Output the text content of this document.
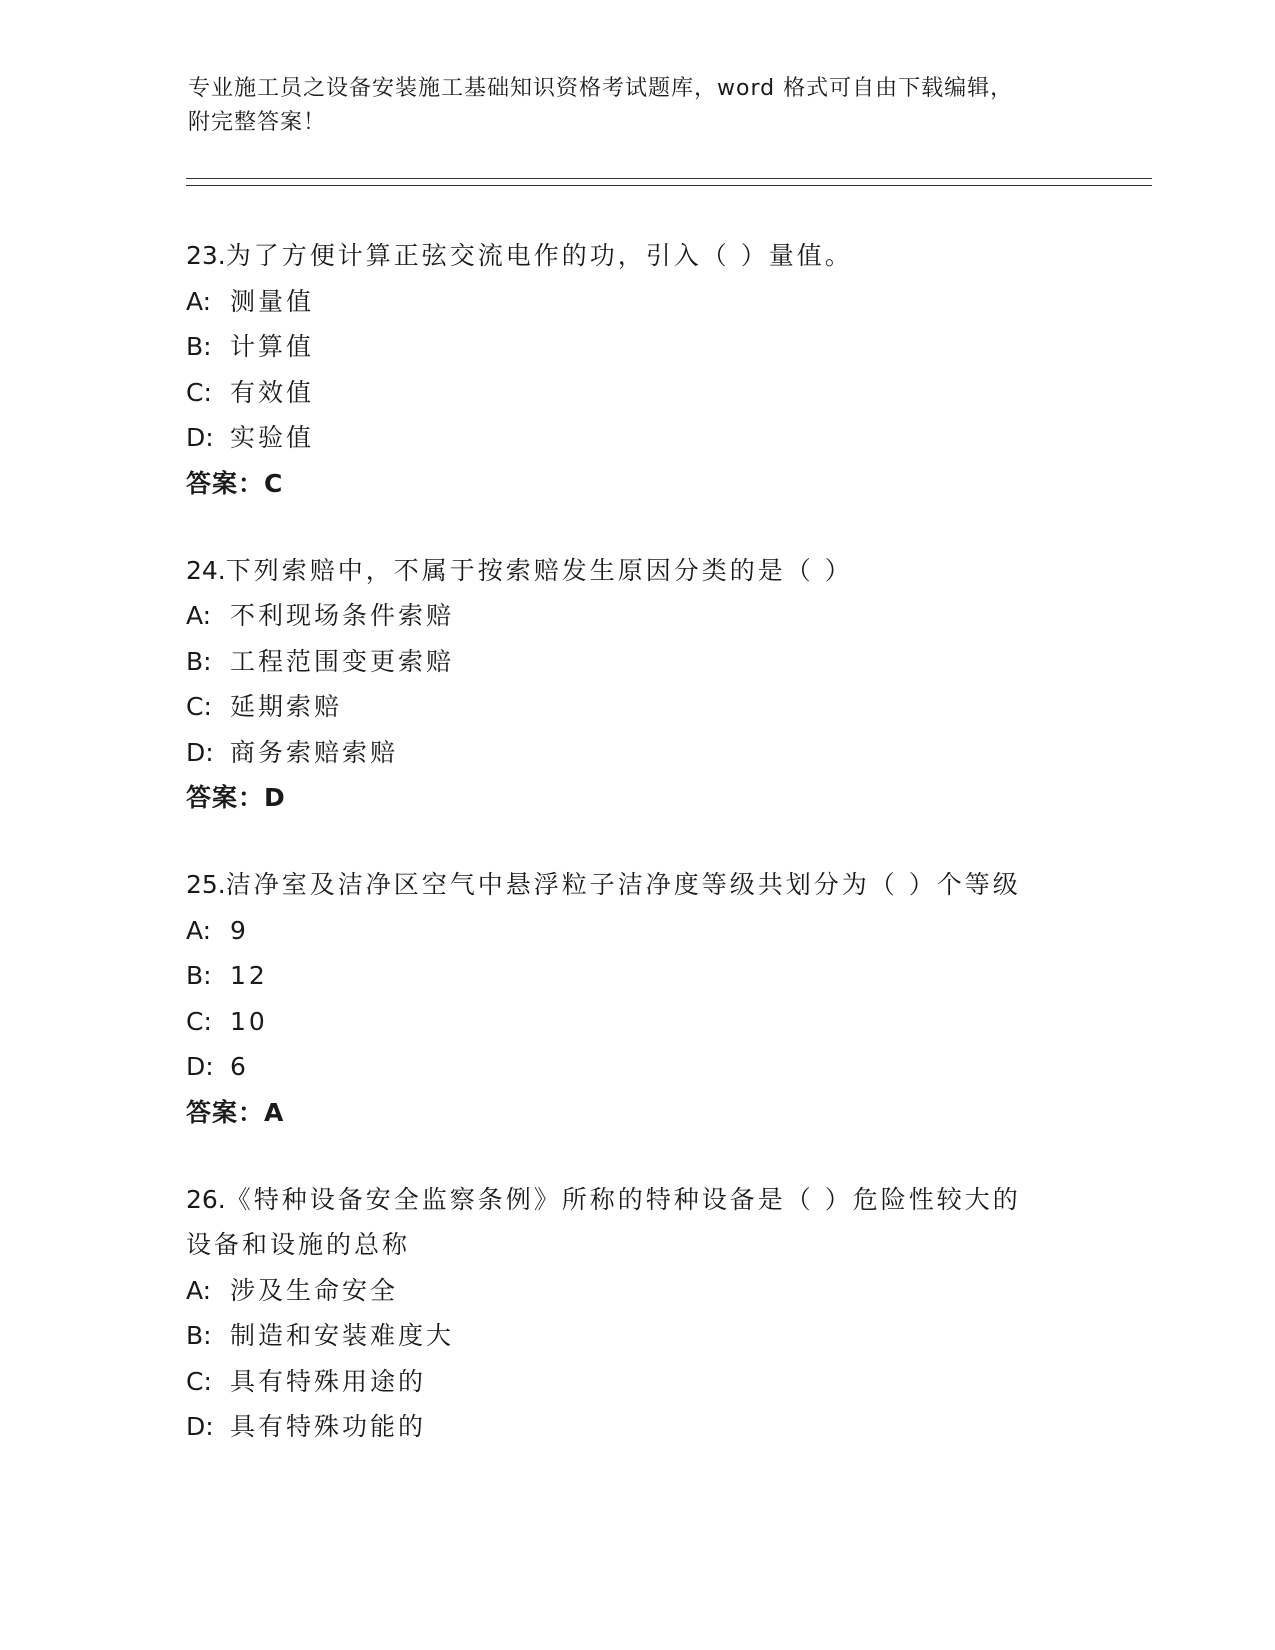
专业施工员之设备安装施工基础知识资格考试题库，word 格式可自由下载编辑，
附完整答案！
23.为了方便计算正弦交流电作的功，引入（ ）量值。
A: 测量值
B: 计算值
C: 有效值
D: 实验值
答案：C
24.下列索赔中，不属于按索赔发生原因分类的是（ ）
A: 不利现场条件索赔
B: 工程范围变更索赔
C: 延期索赔
D: 商务索赔索赔
答案：D
25.洁净室及洁净区空气中悬浮粒子洁净度等级共划分为（ ）个等级
A: 9
B: 12
C: 10
D: 6
答案：A
26.《特种设备安全监察条例》所称的特种设备是（ ）危险性较大的设备和设施的总称
A: 涉及生命安全
B: 制造和安装难度大
C: 具有特殊用途的
D: 具有特殊功能的
